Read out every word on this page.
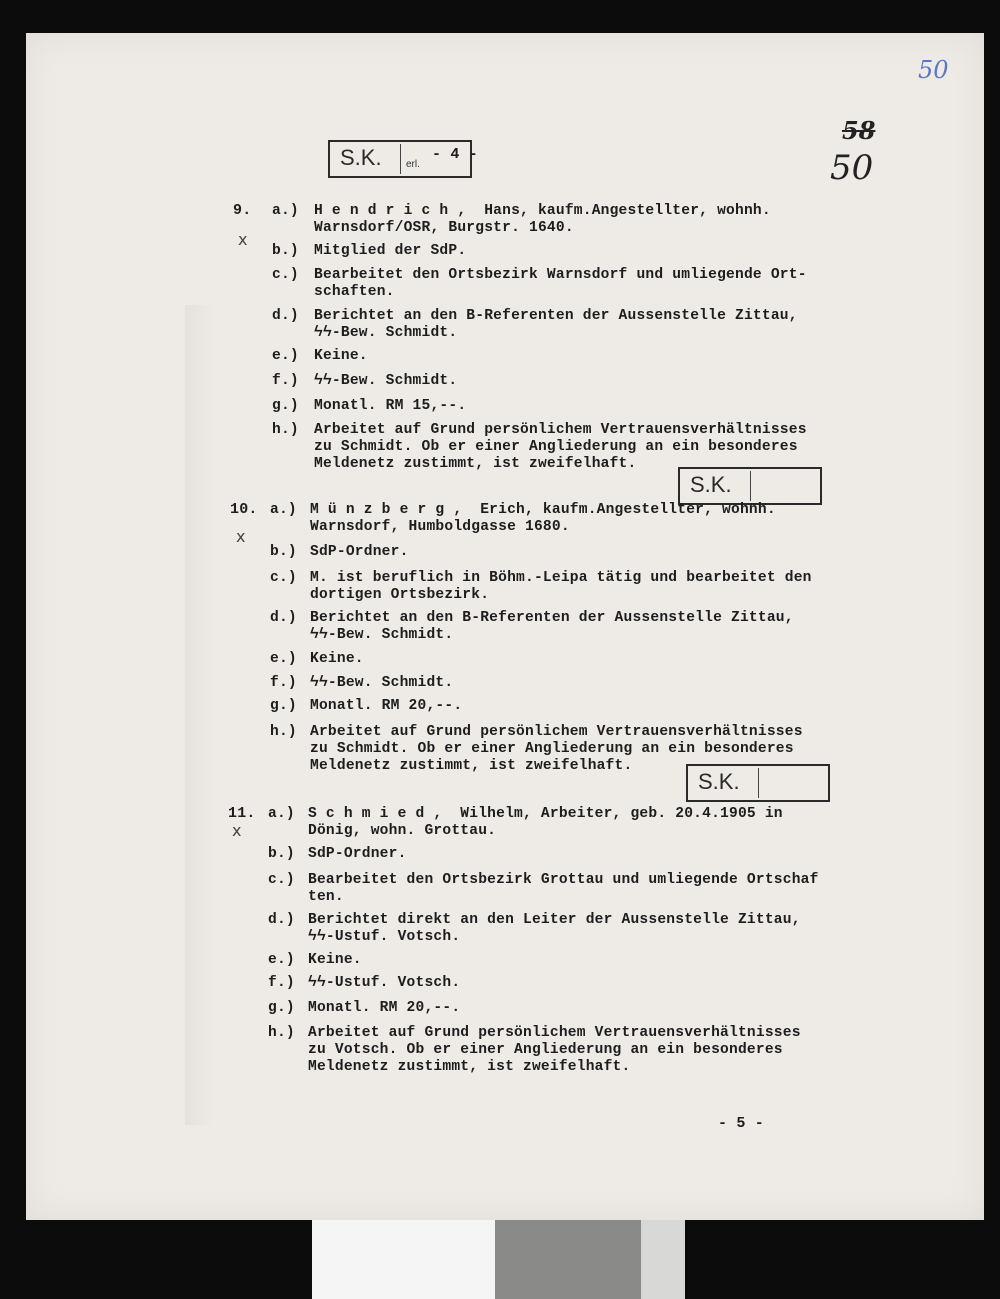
S.K. erl.
- 4 -
50
58
50
S.K.
S.K.
9.
x
a.) H e n d r i c h ,  Hans, kaufm.Angestellter, wohnh.
Warnsdorf/OSR, Burgstr. 1640.
b.) Mitglied der SdP.
c.) Bearbeitet den Ortsbezirk Warnsdorf und umliegende Ort-
schaften.
d.) Berichtet an den B-Referenten der Aussenstelle Zittau,
ϟϟ-Bew. Schmidt.
e.) Keine.
f.) ϟϟ-Bew. Schmidt.
g.) Monatl. RM 15,--.
h.) Arbeitet auf Grund persönlichem Vertrauensverhältnisses
zu Schmidt. Ob er einer Angliederung an ein besonderes
Meldenetz zustimmt, ist zweifelhaft.
10.
x
a.) M ü n z b e r g ,  Erich, kaufm.Angestellter, wohnh.
Warnsdorf, Humboldgasse 1680.
b.) SdP-Ordner.
c.) M. ist beruflich in Böhm.-Leipa tätig und bearbeitet den
dortigen Ortsbezirk.
d.) Berichtet an den B-Referenten der Aussenstelle Zittau,
ϟϟ-Bew. Schmidt.
e.) Keine.
f.) ϟϟ-Bew. Schmidt.
g.) Monatl. RM 20,--.
h.) Arbeitet auf Grund persönlichem Vertrauensverhältnisses
zu Schmidt. Ob er einer Angliederung an ein besonderes
Meldenetz zustimmt, ist zweifelhaft.
11.
x
a.) S c h m i e d ,  Wilhelm, Arbeiter, geb. 20.4.1905 in
Dönig, wohn. Grottau.
b.) SdP-Ordner.
c.) Bearbeitet den Ortsbezirk Grottau und umliegende Ortschaf
ten.
d.) Berichtet direkt an den Leiter der Aussenstelle Zittau,
ϟϟ-Ustuf. Votsch.
e.) Keine.
f.) ϟϟ-Ustuf. Votsch.
g.) Monatl. RM 20,--.
h.) Arbeitet auf Grund persönlichem Vertrauensverhältnisses
zu Votsch. Ob er einer Angliederung an ein besonderes
Meldenetz zustimmt, ist zweifelhaft.
- 5 -
